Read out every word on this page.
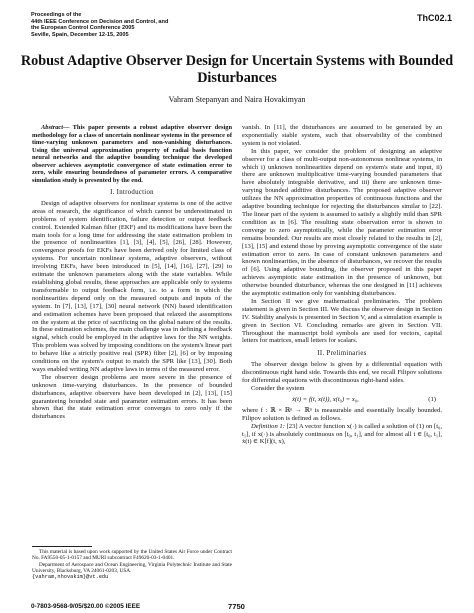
Proceedings of the
44th IEEE Conference on Decision and Control, and
the European Control Conference 2005
Seville, Spain, December 12-15, 2005
ThC02.1
Robust Adaptive Observer Design for Uncertain Systems with Bounded Disturbances
Vahram Stepanyan and Naira Hovakimyan

Abstract— This paper presents a robust adaptive observer design methodology for a class of uncertain nonlinear systems in the presence of time-varying unknown parameters and non-vanishing disturbances. Using the universal approximation property of radial basis function neural networks and the adaptive bounding technique the developed observer achieves asymptotic convergence of state estimation error to zero, while ensuring boundedness of parameter errors. A comparative simulation study is presented by the end.

I. Introduction

Design of adaptive observers for nonlinear systems is one of the active areas of research, the significance of which cannot be underestimated in problems of system identification, failure detection or output feedback control. Extended Kalman filter (EKF) and its modifications have been the main tools for a long time for addressing the state estimation problem in the presence of nonlinearities [1], [3], [4], [5], [26], [28]. However, convergence proofs for EKFs have been derived only for limited class of systems. For uncertain nonlinear systems, adaptive observers, without involving EKFs, have been introduced in [5], [14], [16], [27], [29] to estimate the unknown parameters along with the state variables. While establishing global results, these approaches are applicable only to systems transformable to output feedback form, i.e. to a form in which the nonlinearities depend only on the measured outputs and inputs of the system. In [7], [13], [17], [30] neural network (NN) based identification and estimation schemes have been proposed that relaxed the assumptions on the system at the price of sacrificing on the global nature of the results. In these estimation schemes, the main challenge was in defining a feedback signal, which could be employed in the adaptive laws for the NN weights. This problem was solved by imposing conditions on the system's linear part to behave like a strictly positive real (SPR) filter [2], [6] or by imposing conditions on the system's output to match the SPR like [13], [30]. Both ways enabled writing NN adaptive laws in terms of the measured error.

The observer design problems are more severe in the presence of unknown time-varying disturbances. In the presence of bounded disturbances, adaptive observers have been developed in [2], [13], [15] guaranteeing bounded state and parameter estimation errors. It has been shown that the state estimation error converges to zero only if the disturbances

vanish. In [11], the disturbances are assumed to be generated by an exponentially stable system, such that observability of the combined system is not violated.

In this paper, we consider the problem of designing an adaptive observer for a class of multi-output non-autonomous nonlinear systems, in which i) unknown nonlinearities depend on system's state and input, ii) there are unknown multiplicative time-varying bounded parameters that have absolutely integrable derivative, and iii) there are unknown time-varying bounded additive disturbances. The proposed adaptive observer utilizes the NN approximation properties of continuous functions and the adaptive bounding technique for rejecting the disturbances similar to [22]. The linear part of the system is assumed to satisfy a slightly mild than SPR condition as in [6]. The resulting state observation error is shown to converge to zero asymptotically, while the parameter estimation error remains bounded. Our results are most closely related to the results in [2], [13], [15] and extend those by proving asymptotic convergence of the state estimation error to zero. In case of constant unknown parameters and known nonlinearities, in the absence of disturbances, we recover the results of [6]. Using adaptive bounding, the observer proposed in this paper achieves asymptotic state estimation in the presence of unknown, but otherwise bounded disturbance, whereas the one designed in [11] achieves the asymptotic estimation only for vanishing disturbances.

In Section II we give mathematical preliminaries. The problem statement is given in Section III. We discuss the observer design in Section IV. Stability analysis is presented in Section V, and a simulation example is given in Section VI. Concluding remarks are given in Section VII. Throughout the manuscript bold symbols are used for vectors, capital letters for matrices, small letters for scalars.

II. Preliminaries

The observer design below is given by a differential equation with discontinuous right hand side. Towards this end, we recall Filipov solutions for differential equations with discontinuous right-hand sides.

Consider the system

ẋ(t) = f(t, x(t)), x(t₀) = x₀,	(1)

where f : ℝ × ℝⁿ → ℝⁿ is measurable and essentially locally bounded. Filipov solution is defined as follows.

Definition 1: [23] A vector function x(·) is called a solution of (1) on [t₀, t₁], if x(·) is absolutely continuous on [t₀, t₁], and for almost all t ∈ [t₀, t₁], ẋ(t) ∈ K[f](t, x),

This material is based upon work supported by the United States Air Force under Contract No. FA9550-05-1-0157 and MURI subcontract F49620-03-1-0401.

Department of Aerospace and Ocean Engineering, Virginia Polytechnic Institute and State University, Blacksburg, VA 24061-0203, USA.

{vahram,nhovakim}@vt.edu
0-7803-9568-9/05/$20.00 ©2005 IEEE	7750
